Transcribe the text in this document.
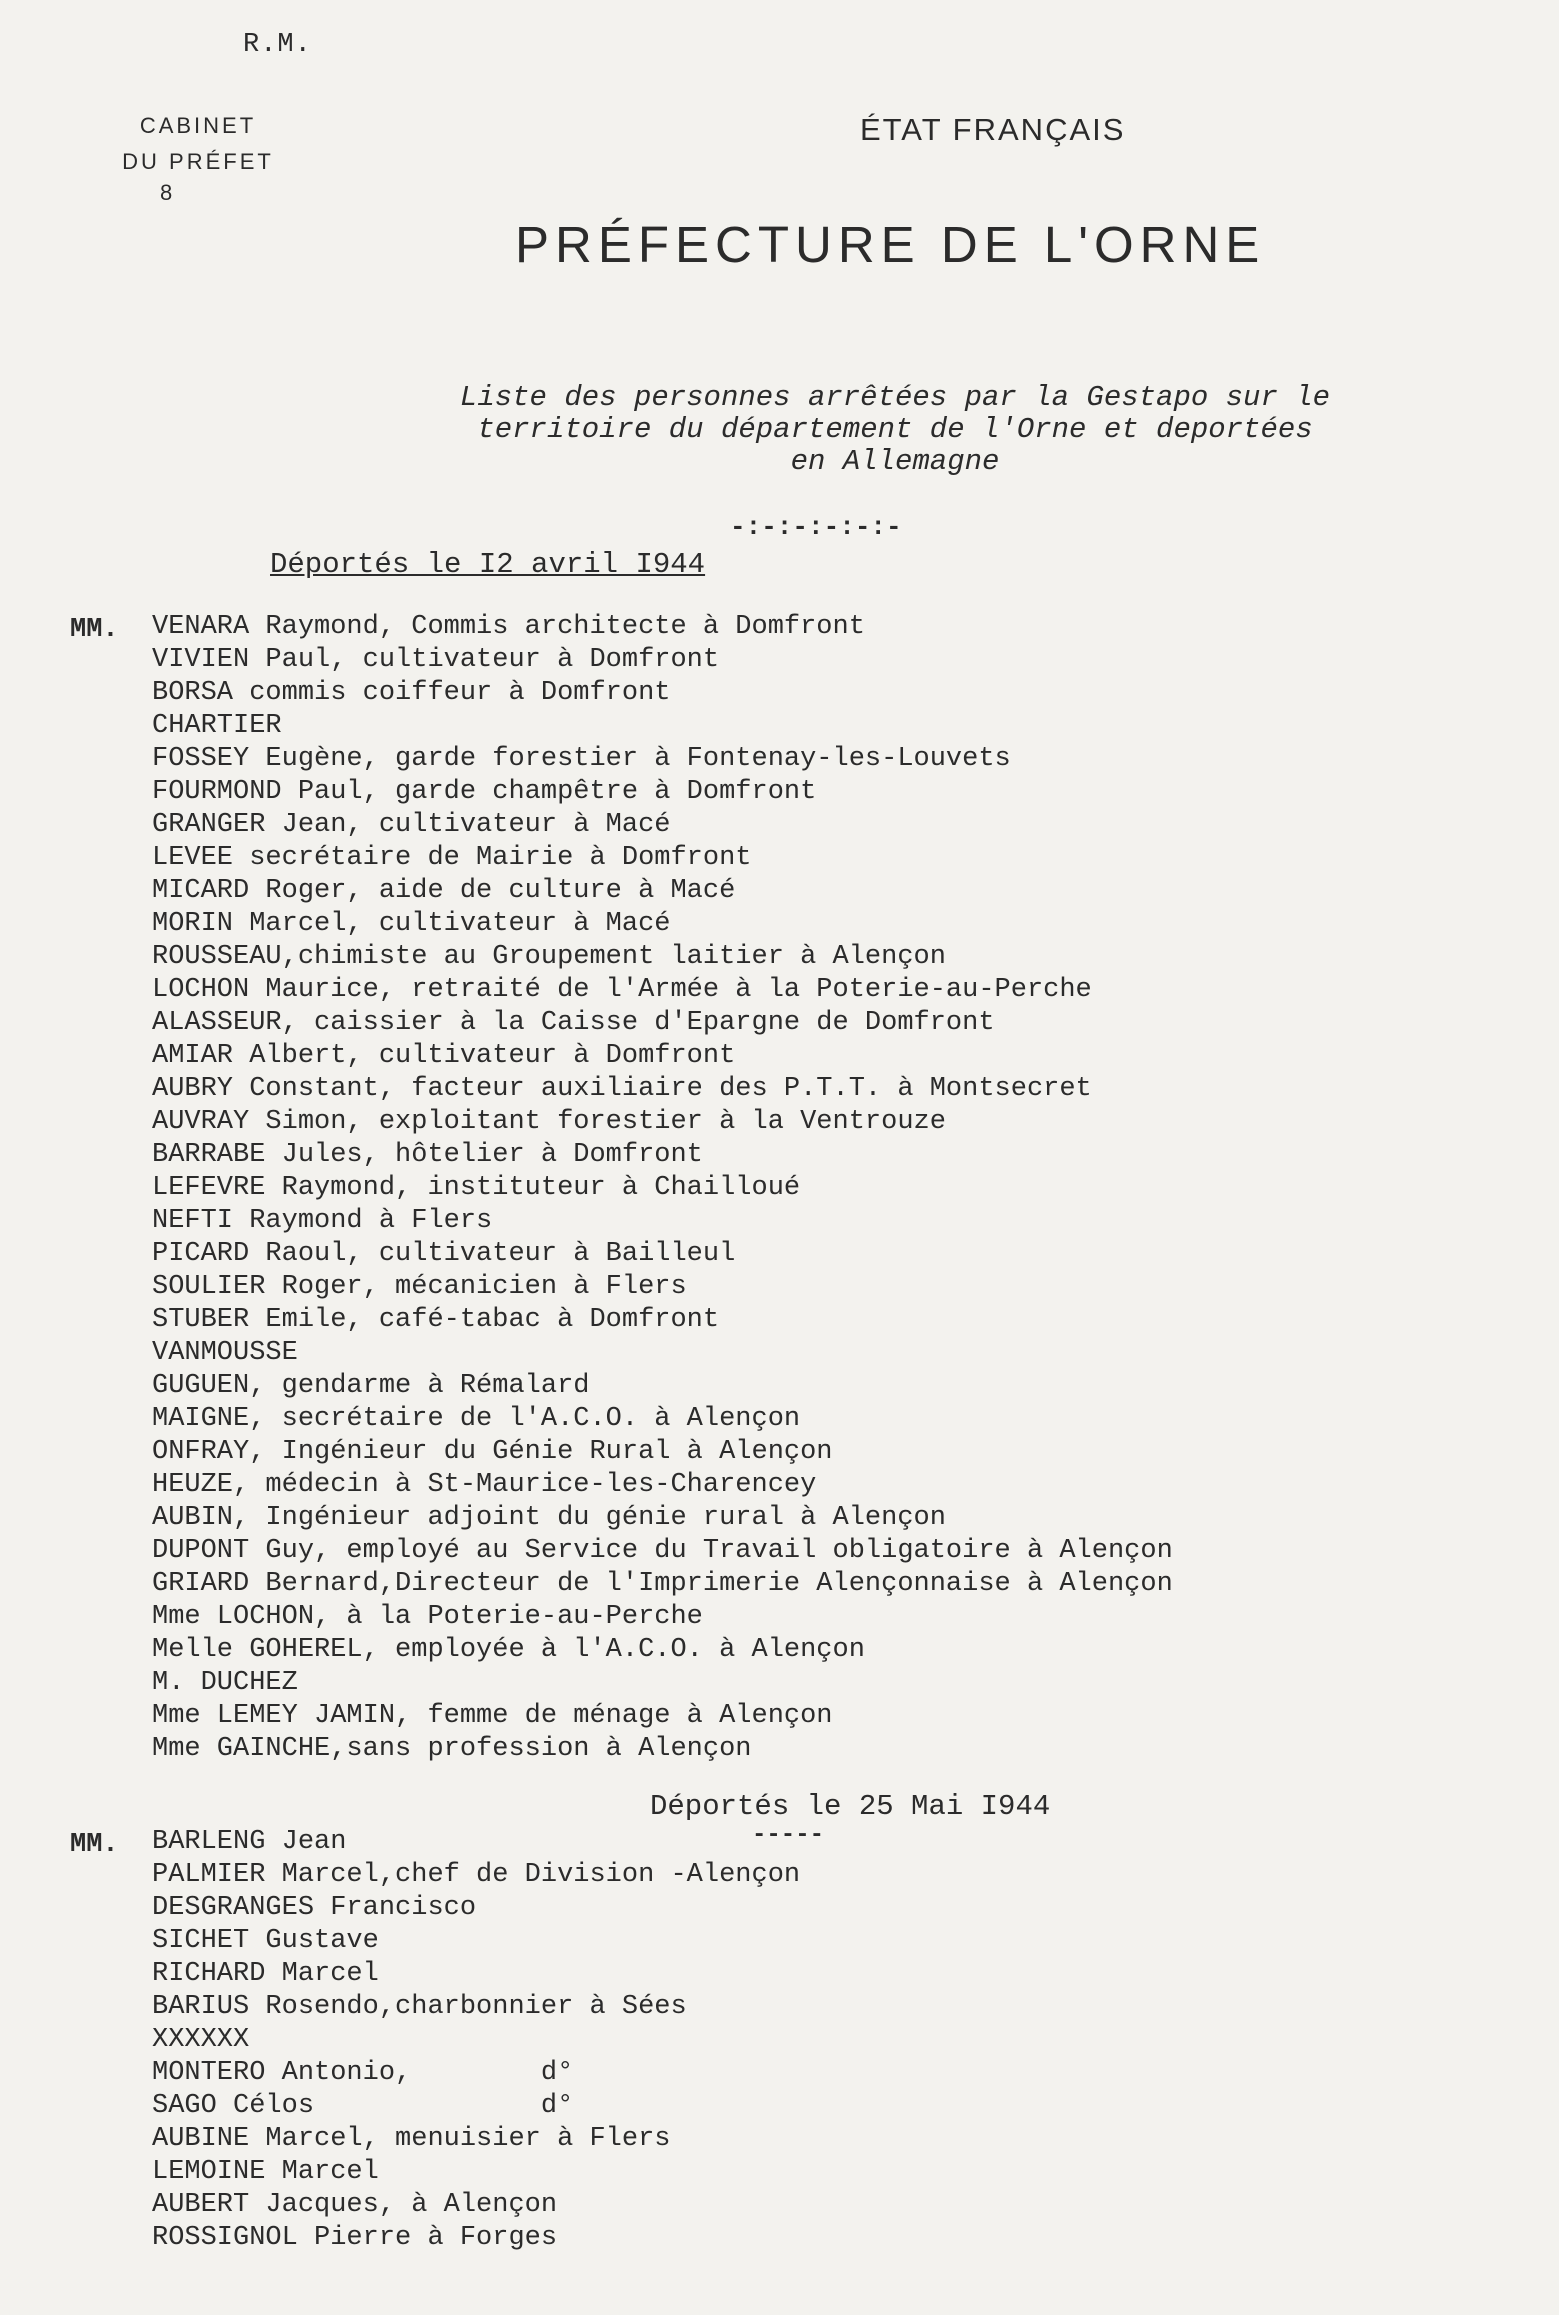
R.M.
CABINET
DU PRÉFET
8
ÉTAT FRANÇAIS
PRÉFECTURE DE L'ORNE
Liste des personnes arrêtées par la Gestapo sur le
territoire du département de l'Orne et deportées
en Allemagne
-:-:-:-:-:-
Déportés le I2 avril I944
MM. VENARA Raymond, Commis architecte à Domfront
VIVIEN Paul, cultivateur à Domfront
BORSA commis coiffeur à Domfront
CHARTIER
FOSSEY Eugène, garde forestier à Fontenay-les-Louvets
FOURMOND Paul, garde champêtre à Domfront
GRANGER Jean, cultivateur à Macé
LEVEE secrétaire de Mairie à Domfront
MICARD Roger, aide de culture à Macé
MORIN Marcel, cultivateur à Macé
ROUSSEAU,chimiste au Groupement laitier à Alençon
LOCHON Maurice, retraité de l'Armée à la Poterie-au-Perche
ALASSEUR, caissier à la Caisse d'Epargne de Domfront
AMIAR Albert, cultivateur à Domfront
AUBRY Constant, facteur auxiliaire des P.T.T. à Montsecret
AUVRAY Simon, exploitant forestier à la Ventrouze
BARRABE Jules, hôtelier à Domfront
LEFEVRE Raymond, instituteur à Chailloué
NEFTI Raymond à Flers
PICARD Raoul, cultivateur à Bailleul
SOULIER Roger, mécanicien à Flers
STUBER Emile, café-tabac à Domfront
VANMOUSSE
GUGUEN, gendarme à Rémalard
MAIGNE, secrétaire de l'A.C.O. à Alençon
ONFRAY, Ingénieur du Génie Rural à Alençon
HEUZE, médecin à St-Maurice-les-Charencey
AUBIN, Ingénieur adjoint du génie rural à Alençon
DUPONT Guy, employé au Service du Travail obligatoire à Alençon
GRIARD Bernard,Directeur de l'Imprimerie Alençonnaise à Alençon
Mme LOCHON, à la Poterie-au-Perche
Melle GOHEREL, employée à l'A.C.O. à Alençon
M. DUCHEZ
Mme LEMEY JAMIN, femme de ménage à Alençon
Mme GAINCHE,sans profession à Alençon
Déportés le 25 Mai I944
-----
MM. BARLENG Jean
PALMIER Marcel,chef de Division -Alençon
DESGRANGES Francisco
SICHET Gustave
RICHARD Marcel
BARIUS Rosendo,charbonnier à Sées
XXXXXX
MONTERO Antonio,        d°
SAGO Célos              d°
AUBINE Marcel, menuisier à Flers
LEMOINE Marcel
AUBERT Jacques, à Alençon
ROSSIGNOL Pierre à Forges
